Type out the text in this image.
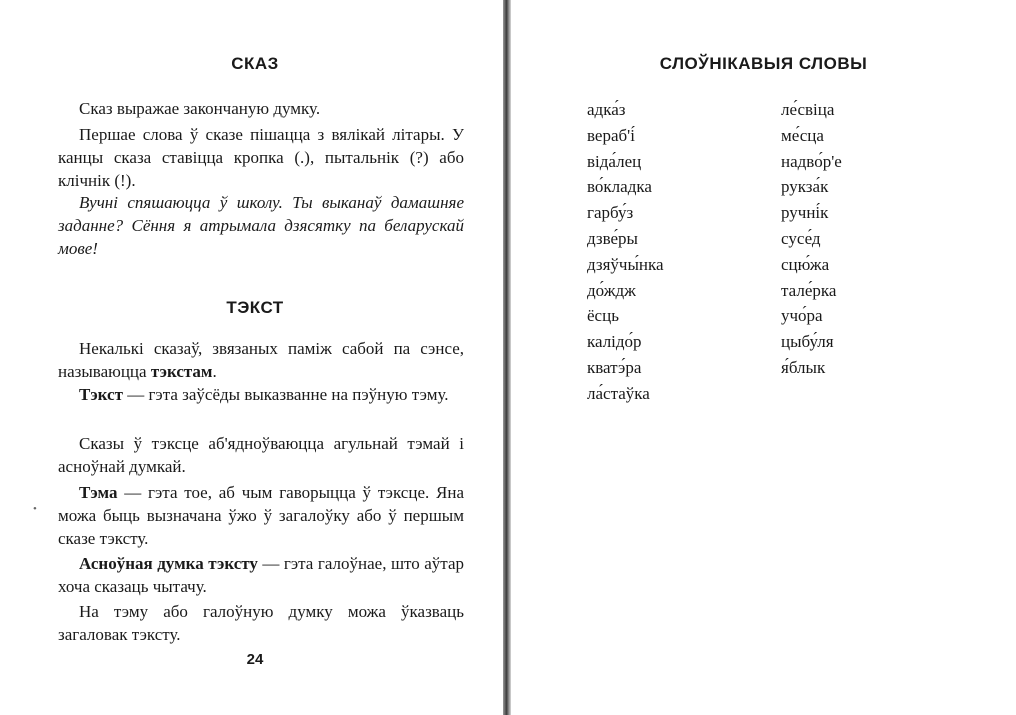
СКАЗ

Сказ выражае закончаную думку.

Першае слова ў сказе пішацца з вялікай літары. У канцы сказа ставіцца кропка (.), пытальнік (?) або клічнік (!).

Вучні спяшаюцца ў школу. Ты выканаў дамашняе заданне? Сёння я атрымала дзясятку па беларускай мове!

ТЭКСТ

Некалькі сказаў, звязаных паміж сабой па сэнсе, называюцца тэкстам.

Тэкст — гэта заўсёды выказванне на пэўную тэму.

Сказы ў тэксце аб'ядноўваюцца агульнай тэмай і асноўнай думкай.

Тэма — гэта тое, аб чым гаворыцца ў тэксце. Яна можа быць вызначана ўжо ў загалоўку або ў першым сказе тэксту.

Асноўная думка тэксту — гэта галоўнае, што аўтар хоча сказаць чытачу.

На тэму або галоўную думку можа ўказваць загаловак тэксту.

•
24
СЛОЎНІКАВЫЯ СЛОВЫ
адка́з
вераб'і́
віда́лец
во́кладка
гарбу́з
дзве́ры
дзяўчы́нка
до́ждж
ёсць
калідо́р
кватэ́ра
ла́стаўка
ле́свіца
ме́сца
надво́р'е
рукза́к
ручні́к
сусе́д
сцю́жа
тале́рка
учо́ра
цыбу́ля
я́блык
